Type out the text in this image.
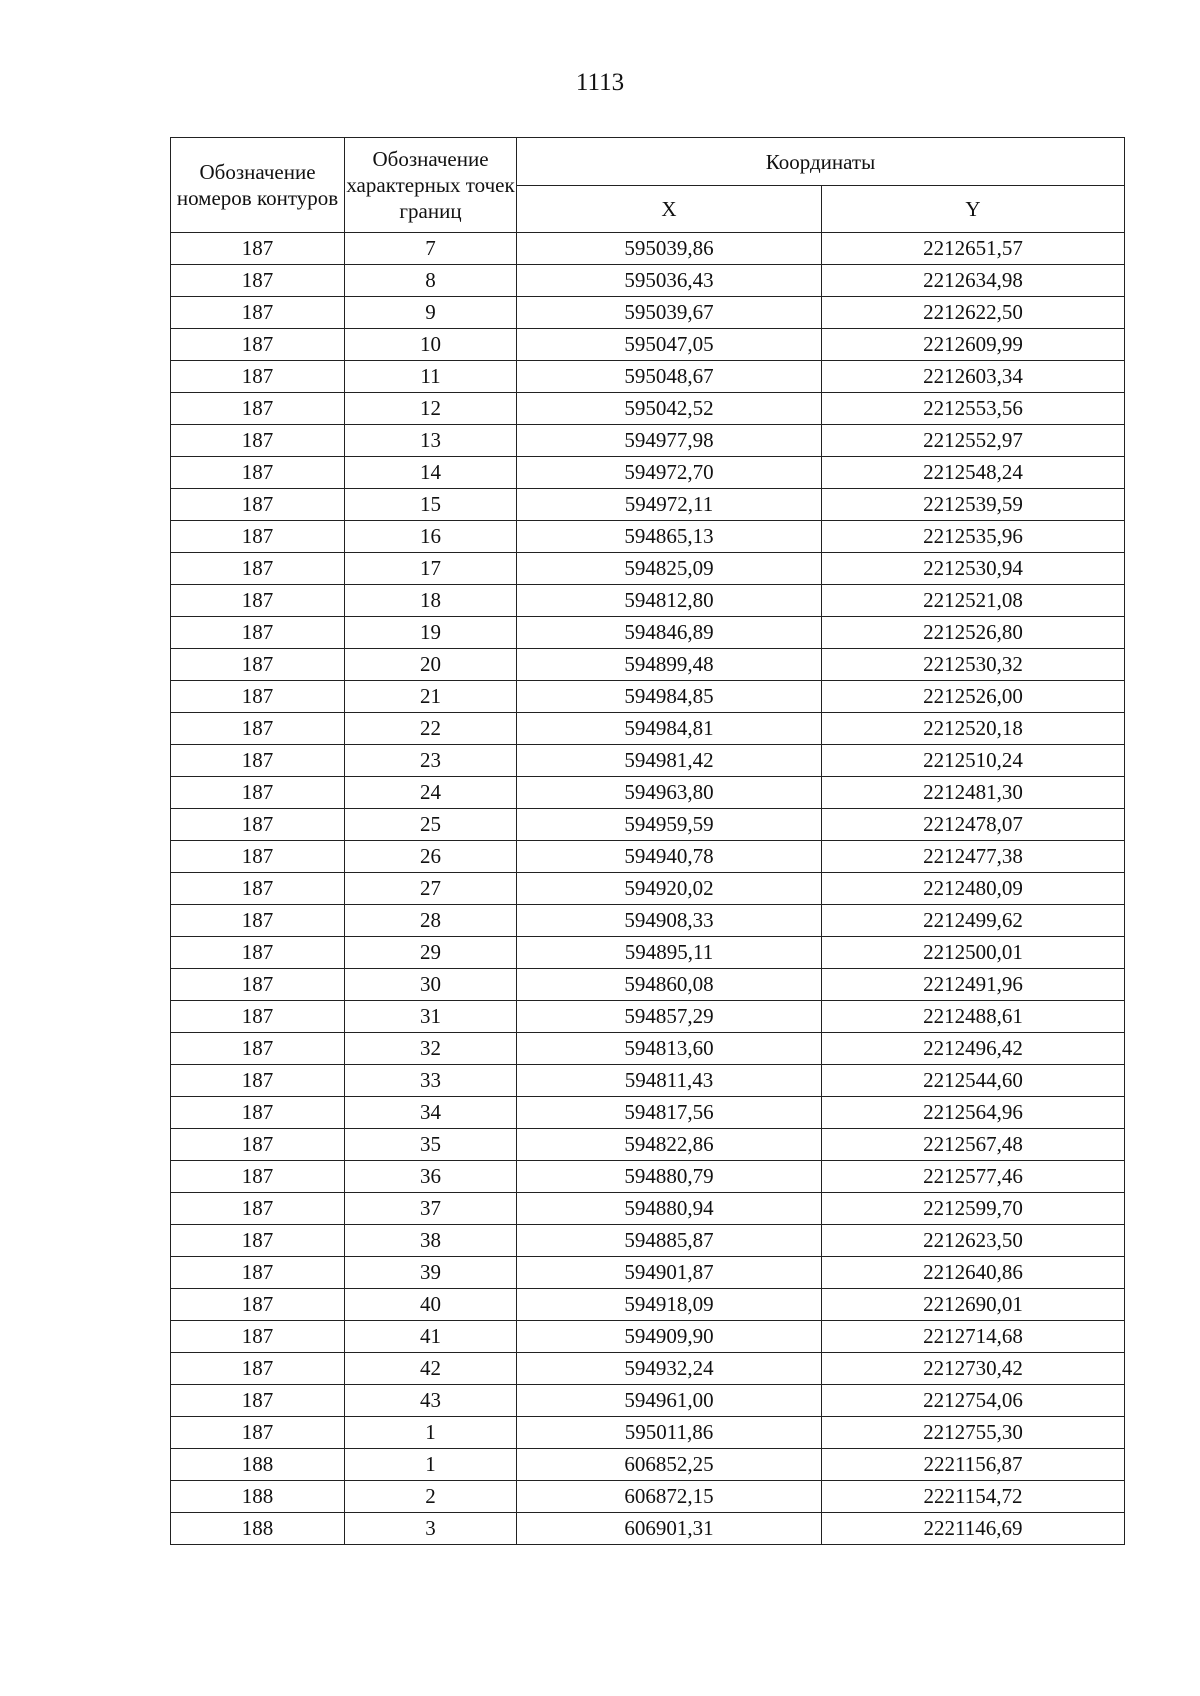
1113
Обозначение номеров контуров	Обозначение характерных точек границ	Координаты	
		X	Y
187	7	595039,86	2212651,57
187	8	595036,43	2212634,98
187	9	595039,67	2212622,50
187	10	595047,05	2212609,99
187	11	595048,67	2212603,34
187	12	595042,52	2212553,56
187	13	594977,98	2212552,97
187	14	594972,70	2212548,24
187	15	594972,11	2212539,59
187	16	594865,13	2212535,96
187	17	594825,09	2212530,94
187	18	594812,80	2212521,08
187	19	594846,89	2212526,80
187	20	594899,48	2212530,32
187	21	594984,85	2212526,00
187	22	594984,81	2212520,18
187	23	594981,42	2212510,24
187	24	594963,80	2212481,30
187	25	594959,59	2212478,07
187	26	594940,78	2212477,38
187	27	594920,02	2212480,09
187	28	594908,33	2212499,62
187	29	594895,11	2212500,01
187	30	594860,08	2212491,96
187	31	594857,29	2212488,61
187	32	594813,60	2212496,42
187	33	594811,43	2212544,60
187	34	594817,56	2212564,96
187	35	594822,86	2212567,48
187	36	594880,79	2212577,46
187	37	594880,94	2212599,70
187	38	594885,87	2212623,50
187	39	594901,87	2212640,86
187	40	594918,09	2212690,01
187	41	594909,90	2212714,68
187	42	594932,24	2212730,42
187	43	594961,00	2212754,06
187	1	595011,86	2212755,30
188	1	606852,25	2221156,87
188	2	606872,15	2221154,72
188	3	606901,31	2221146,69
